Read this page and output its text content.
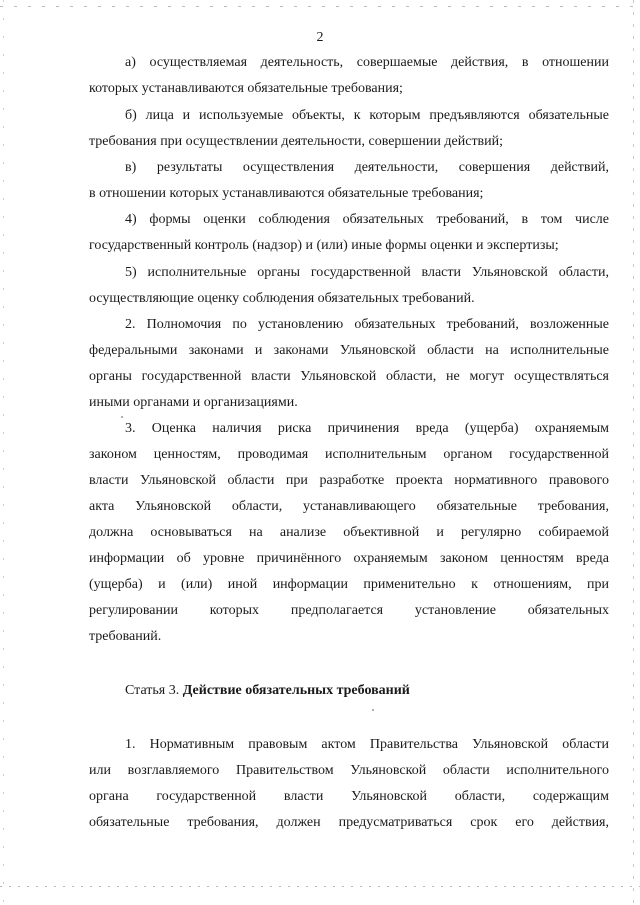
2
а) осуществляемая деятельность, совершаемые действия, в отношении
которых устанавливаются обязательные требования;
б) лица и используемые объекты, к которым предъявляются обязательные
требования при осуществлении деятельности, совершении действий;
в) результаты осуществления деятельности, совершения действий,
в отношении которых устанавливаются обязательные требования;
4) формы оценки соблюдения обязательных требований, в том числе
государственный контроль (надзор) и (или) иные формы оценки и экспертизы;
5) исполнительные органы государственной власти Ульяновской области,
осуществляющие оценку соблюдения обязательных требований.
2. Полномочия по установлению обязательных требований, возложенные
федеральными законами и законами Ульяновской области на исполнительные
органы государственной власти Ульяновской области, не могут осуществляться
иными органами и организациями.
3. Оценка наличия риска причинения вреда (ущерба) охраняемым
законом ценностям, проводимая исполнительным органом государственной
власти Ульяновской области при разработке проекта нормативного правового
акта Ульяновской области, устанавливающего обязательные требования,
должна основываться на анализе объективной и регулярно собираемой
информации об уровне причинённого охраняемым законом ценностям вреда
(ущерба) и (или) иной информации применительно к отношениям, при
регулировании которых предполагается установление обязательных
требований.
Статья 3. Действие обязательных требований
1. Нормативным правовым актом Правительства Ульяновской области
или возглавляемого Правительством Ульяновской области исполнительного
органа государственной власти Ульяновской области, содержащим
обязательные требования, должен предусматриваться срок его действия,
